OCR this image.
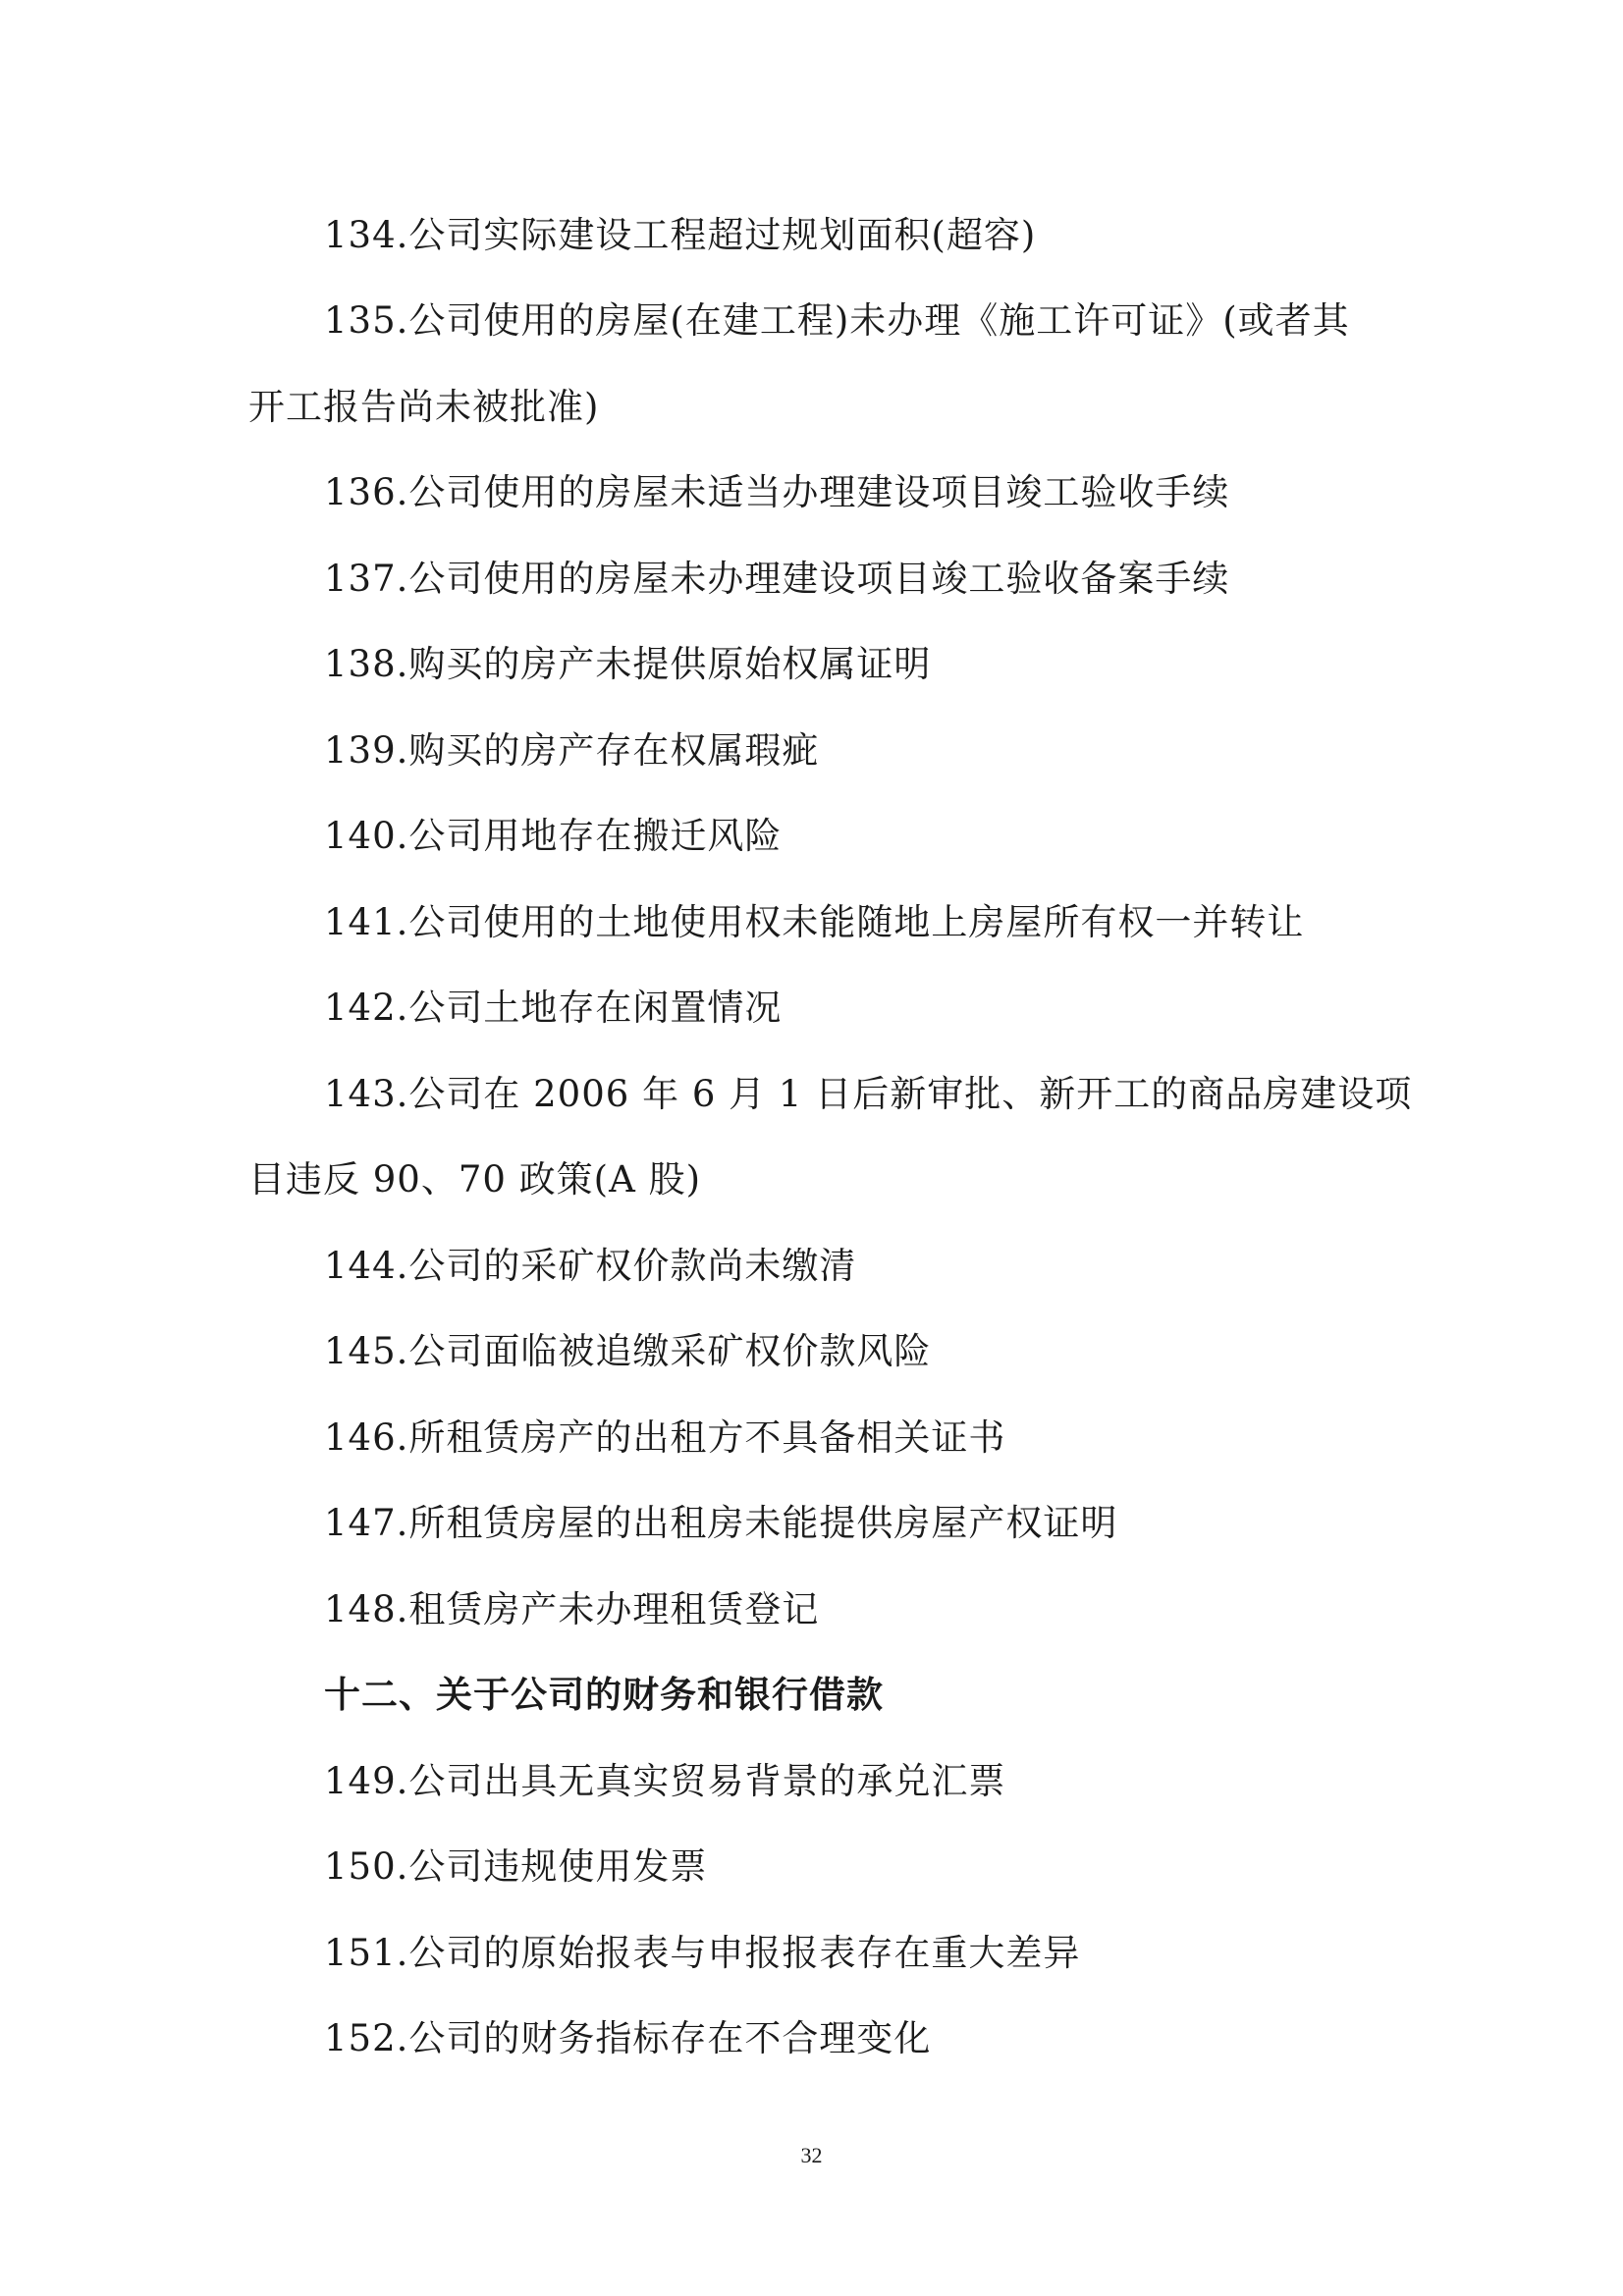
134.公司实际建设工程超过规划面积(超容)
135.公司使用的房屋(在建工程)未办理《施工许可证》(或者其
开工报告尚未被批准)
136.公司使用的房屋未适当办理建设项目竣工验收手续
137.公司使用的房屋未办理建设项目竣工验收备案手续
138.购买的房产未提供原始权属证明
139.购买的房产存在权属瑕疵
140.公司用地存在搬迁风险
141.公司使用的土地使用权未能随地上房屋所有权一并转让
142.公司土地存在闲置情况
143.公司在 2006 年 6 月 1 日后新审批、新开工的商品房建设项
目违反 90、70 政策(A 股)
144.公司的采矿权价款尚未缴清
145.公司面临被追缴采矿权价款风险
146.所租赁房产的出租方不具备相关证书
147.所租赁房屋的出租房未能提供房屋产权证明
148.租赁房产未办理租赁登记
十二、关于公司的财务和银行借款
149.公司出具无真实贸易背景的承兑汇票
150.公司违规使用发票
151.公司的原始报表与申报报表存在重大差异
152.公司的财务指标存在不合理变化
32
